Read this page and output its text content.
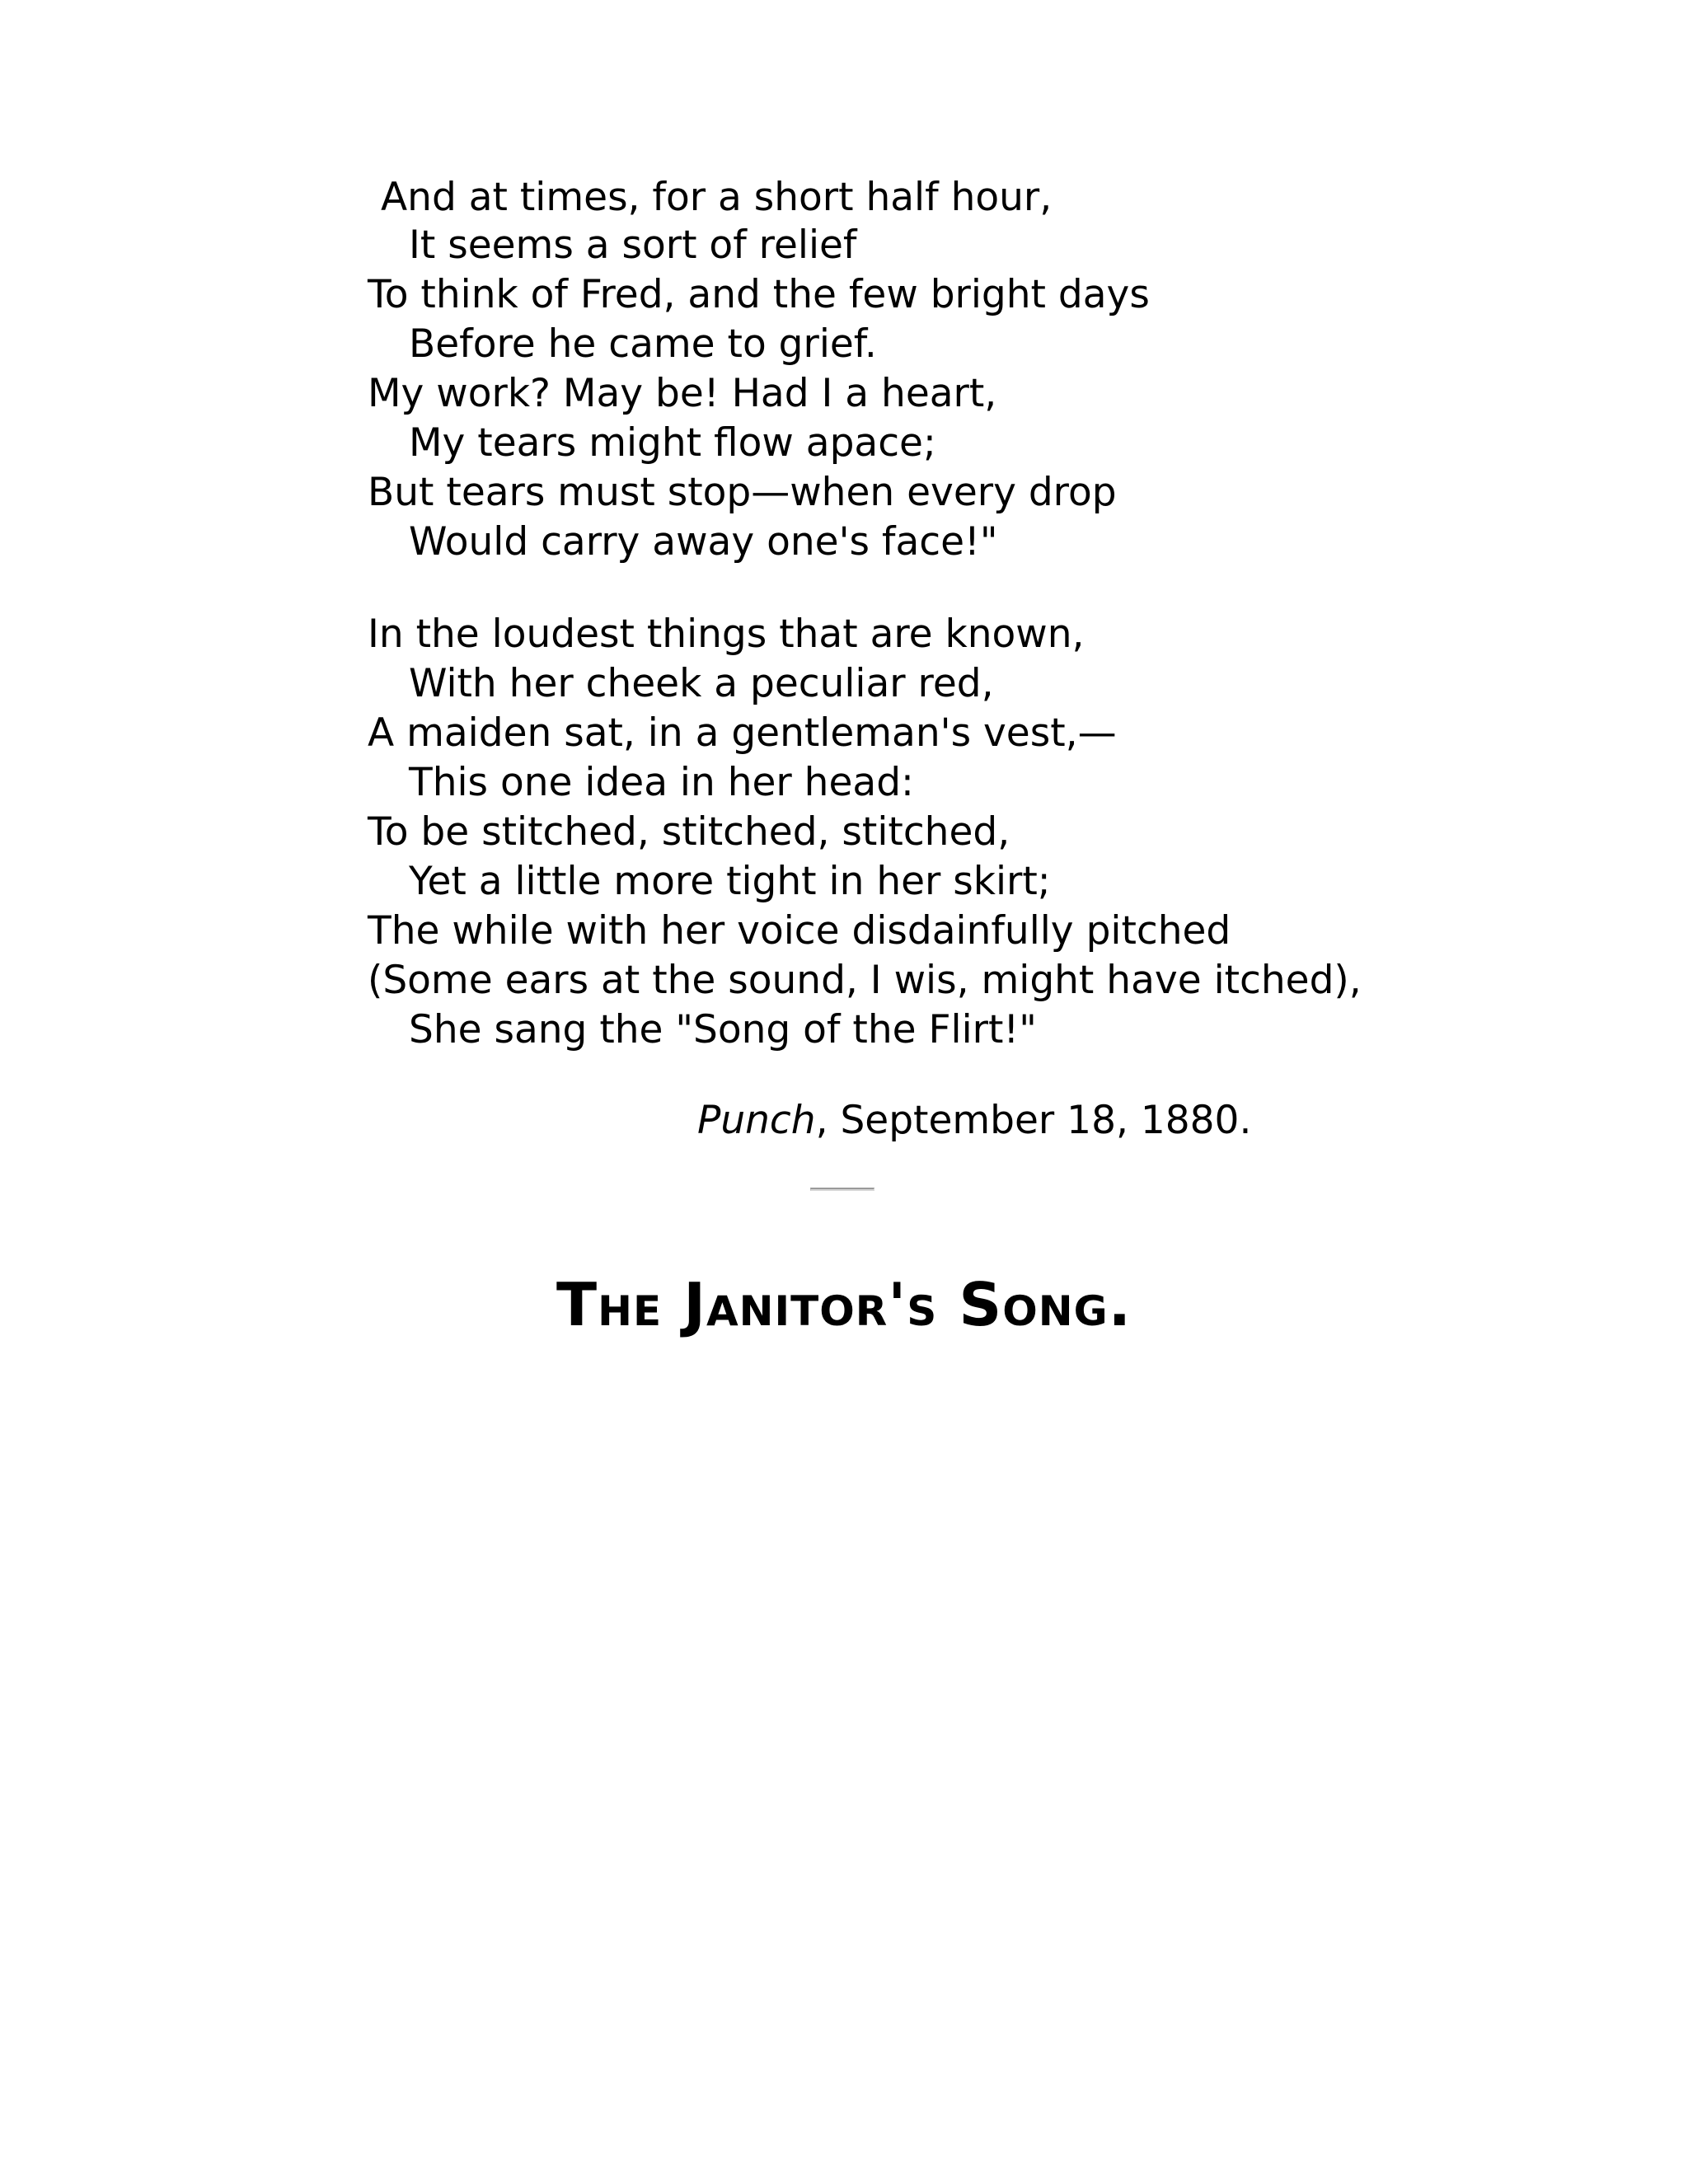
And at times, for a short half hour,
It seems a sort of relief
To think of Fred, and the few bright days
Before he came to grief.
My work? May be! Had I a heart,
My tears might flow apace;
But tears must stop—when every drop
Would carry away one's face!"
In the loudest things that are known,
With her cheek a peculiar red,
A maiden sat, in a gentleman's vest,—
This one idea in her head:
To be stitched, stitched, stitched,
Yet a little more tight in her skirt;
The while with her voice disdainfully pitched
(Some ears at the sound, I wis, might have itched),
She sang the "Song of the Flirt!"
Punch, September 18, 1880.
The Janitor's Song.
